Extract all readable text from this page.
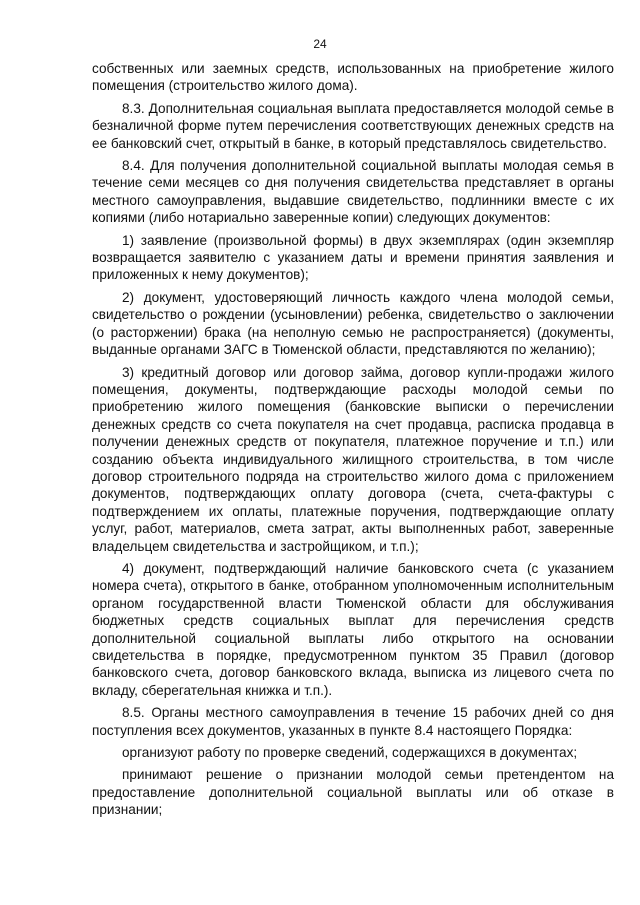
24

собственных или заемных средств, использованных на приобретение жилого помещения (строительство жилого дома).

8.3. Дополнительная социальная выплата предоставляется молодой семье в безналичной форме путем перечисления соответствующих денежных средств на ее банковский счет, открытый в банке, в который представлялось свидетельство.

8.4. Для получения дополнительной социальной выплаты молодая семья в течение семи месяцев со дня получения свидетельства представляет в органы местного самоуправления, выдавшие свидетельство, подлинники вместе с их копиями (либо нотариально заверенные копии) следующих документов:

1) заявление (произвольной формы) в двух экземплярах (один экземпляр возвращается заявителю с указанием даты и времени принятия заявления и приложенных к нему документов);

2) документ, удостоверяющий личность каждого члена молодой семьи, свидетельство о рождении (усыновлении) ребенка, свидетельство о заключении (о расторжении) брака (на неполную семью не распространяется) (документы, выданные органами ЗАГС в Тюменской области, представляются по желанию);

3) кредитный договор или договор займа, договор купли-продажи жилого помещения, документы, подтверждающие расходы молодой семьи по приобретению жилого помещения (банковские выписки о перечислении денежных средств со счета покупателя на счет продавца, расписка продавца в получении денежных средств от покупателя, платежное поручение и т.п.) или созданию объекта индивидуального жилищного строительства, в том числе договор строительного подряда на строительство жилого дома с приложением документов, подтверждающих оплату договора (счета, счета-фактуры с подтверждением их оплаты, платежные поручения, подтверждающие оплату услуг, работ, материалов, смета затрат, акты выполненных работ, заверенные владельцем свидетельства и застройщиком, и т.п.);

4) документ, подтверждающий наличие банковского счета (с указанием номера счета), открытого в банке, отобранном уполномоченным исполнительным органом государственной власти Тюменской области для обслуживания бюджетных средств социальных выплат для перечисления средств дополнительной социальной выплаты либо открытого на основании свидетельства в порядке, предусмотренном пунктом 35 Правил (договор банковского счета, договор банковского вклада, выписка из лицевого счета по вкладу, сберегательная книжка и т.п.).

8.5. Органы местного самоуправления в течение 15 рабочих дней со дня поступления всех документов, указанных в пункте 8.4 настоящего Порядка:

организуют работу по проверке сведений, содержащихся в документах;

принимают решение о признании молодой семьи претендентом на предоставление дополнительной социальной выплаты или об отказе в признании;
